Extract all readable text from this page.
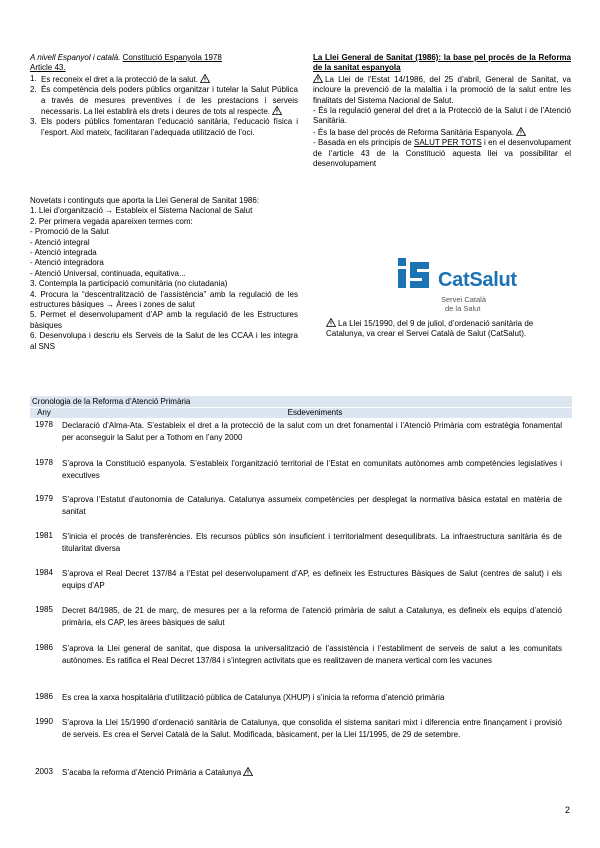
A nivell Espanyol i català. Constitució Espanyola 1978
Article 43.
1. Es reconeix el dret a la protecció de la salut.
2. És competència dels poders públics organitzar i tutelar la Salut Pública a través de mesures preventives i de les prestacions i serveis necessaris. La llei establirà els drets i deures de tots al respecte.
3. Els poders públics fomentaran l’educació sanitària, l’educació física i l’esport. Així mateix, facilitaran l’adequada utilització de l’oci.
La Llei General de Sanitat (1986): la base pel procés de la Reforma de la sanitat espanyola
La Llei de l’Estat 14/1986, del 25 d’abril, General de Sanitat, va incloure la prevenció de la malaltia i la promoció de la salut entre les finalitats del Sistema Nacional de Salut.
- És la regulació general del dret a la Protecció de la Salut i de l’Atenció Sanitària.
- És la base del procés de Reforma Sanitària Espanyola.
- Basada en els principis de SALUT PER TOTS i en el desenvolupament de l’article 43 de la Constitució aquesta llei va possibilitar el desenvolupament
Novetats i continguts que aporta la Llei General de Sanitat 1986:
1. Llei d’organització → Estableix el Sistema Nacional de Salut
2. Per primera vegada apareixen termes com:
- Promoció de la Salut
- Atenció integral
- Atenció integrada
- Atenció integradora
- Atenció Universal, continuada, equitativa...
3. Contempla la participació comunitària (no ciutadania)
4. Procura la “descentralització de l’assistència” amb la regulació de les estructures bàsiques → Àrees i zones de salut
5. Permet el desenvolupament d’AP amb la regulació de les Estructures bàsiques
6. Desenvolupa i descriu els Serveis de la Salut de les CCAA i les integra al SNS
CatSalut
Servei Català
de la Salut
La Llei 15/1990, del 9 de juliol, d’ordenació sanitària de Catalunya, va crear el Servei Català de Salut (CatSalut).
Cronologia de la Reforma d’Atenció Primària
Any	Esdeveniments
1978	Declaració d’Alma-Ata. S’estableix el dret a la protecció de la salut com un dret fonamental i l’Atenció Primària com estratègia fonamental per aconseguir la Salut per a Tothom en l’any 2000
1978	S’aprova la Constitució espanyola. S’estableix l’organització territorial de l’Estat en comunitats autònomes amb competències legislatives i executives
1979	S’aprova l’Estatut d’autonomia de Catalunya. Catalunya assumeix competències per desplegat la normativa bàsica estatal en matèria de sanitat
1981	S’inicia el procés de transferències. Els recursos públics són insuficient i territorialment desequilibrats. La infraestructura sanitària és de titularitat diversa
1984	S’aprova el Real Decret 137/84 a l’Estat pel desenvolupament d’AP, es defineix les Estructures Bàsiques de Salut (centres de salut) i els equips d’AP
1985	Decret 84/1985, de 21 de març, de mesures per a la reforma de l’atenció primària de salut a Catalunya, es defineix els equips d’atenció primària, els CAP, les àrees bàsiques de salut
1986	S’aprova la Llei general de sanitat, que disposa la universalització de l’assistència i l’establiment de serveis de salut a les comunitats autònomes. Es ratifica el Real Decret 137/84 i s’integren activitats que es realitzaven de manera vertical com les vacunes
1986	Es crea la xarxa hospitalària d’utilització pública de Catalunya (XHUP) i s’inicia la reforma d’atenció primària
1990	S’aprova la Llei 15/1990 d’ordenació sanitària de Catalunya, que consolida el sistema sanitari mixt i diferencia entre finançament i provisió de serveis. Es crea el Servei Català de la Salut. Modificada, bàsicament, per la Llei 11/1995, de 29 de setembre.
2003	S’acaba la reforma d’Atenció Primària a Catalunya
2
